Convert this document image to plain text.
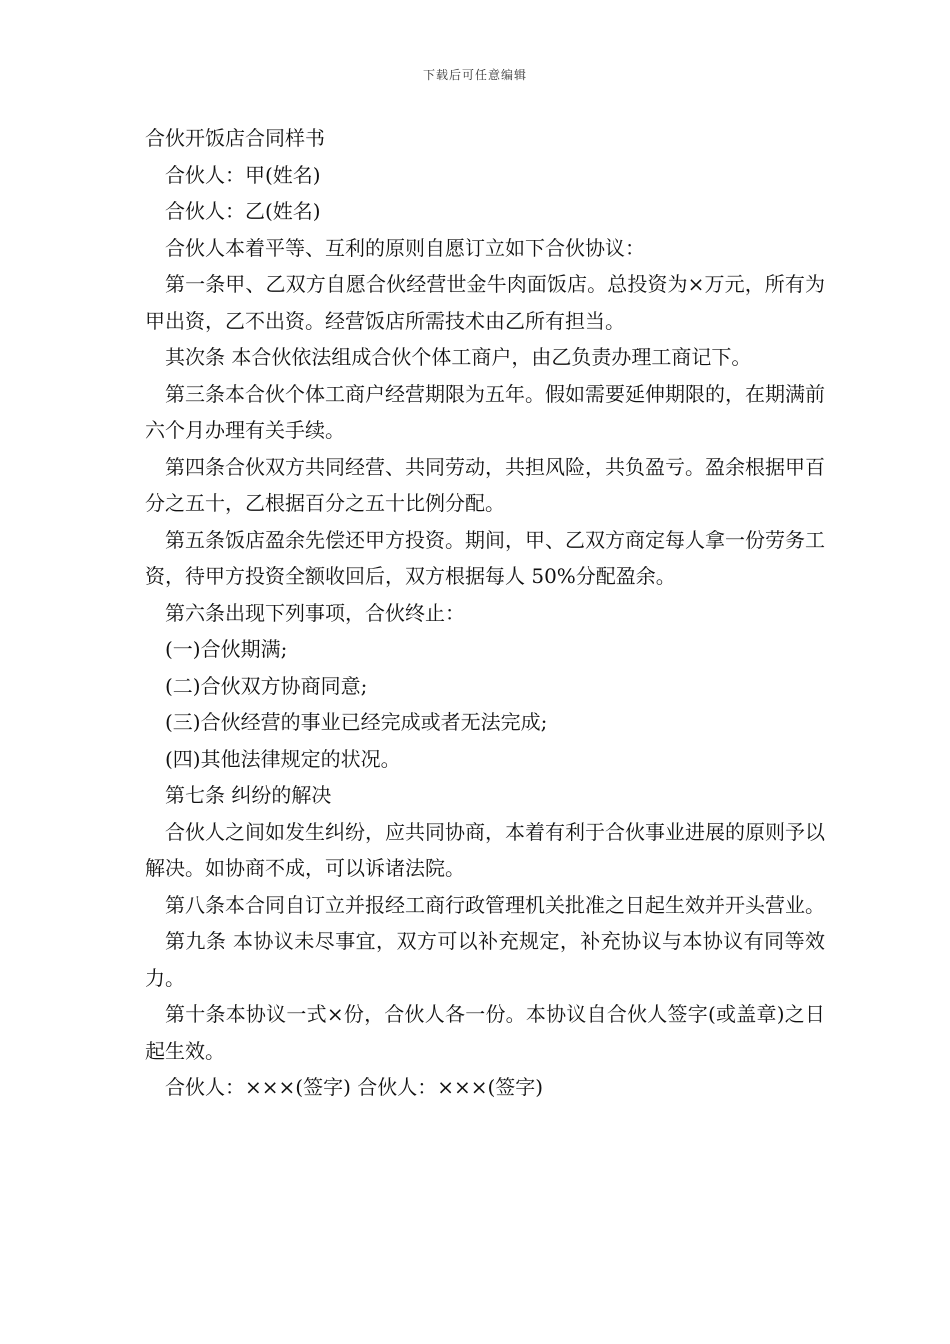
下载后可任意编辑
合伙开饭店合同样书

合伙人：甲(姓名)

合伙人：乙(姓名)

合伙人本着平等、互利的原则自愿订立如下合伙协议：

第一条甲、乙双方自愿合伙经营世金牛肉面饭店。总投资为×万元，所有为甲出资，乙不出资。经营饭店所需技术由乙所有担当。

其次条 本合伙依法组成合伙个体工商户，由乙负责办理工商记下。

第三条本合伙个体工商户经营期限为五年。假如需要延伸期限的，在期满前六个月办理有关手续。

第四条合伙双方共同经营、共同劳动，共担风险，共负盈亏。盈余根据甲百分之五十，乙根据百分之五十比例分配。

第五条饭店盈余先偿还甲方投资。期间，甲、乙双方商定每人拿一份劳务工资，待甲方投资全额收回后，双方根据每人 50%分配盈余。

第六条出现下列事项，合伙终止：

(一)合伙期满;

(二)合伙双方协商同意;

(三)合伙经营的事业已经完成或者无法完成;

(四)其他法律规定的状况。

第七条 纠纷的解决

合伙人之间如发生纠纷，应共同协商，本着有利于合伙事业进展的原则予以解决。如协商不成，可以诉诸法院。

第八条本合同自订立并报经工商行政管理机关批准之日起生效并开头营业。

第九条 本协议未尽事宜，双方可以补充规定，补充协议与本协议有同等效力。

第十条本协议一式×份，合伙人各一份。本协议自合伙人签字(或盖章)之日起生效。

合伙人：×××(签字) 合伙人：×××(签字)
